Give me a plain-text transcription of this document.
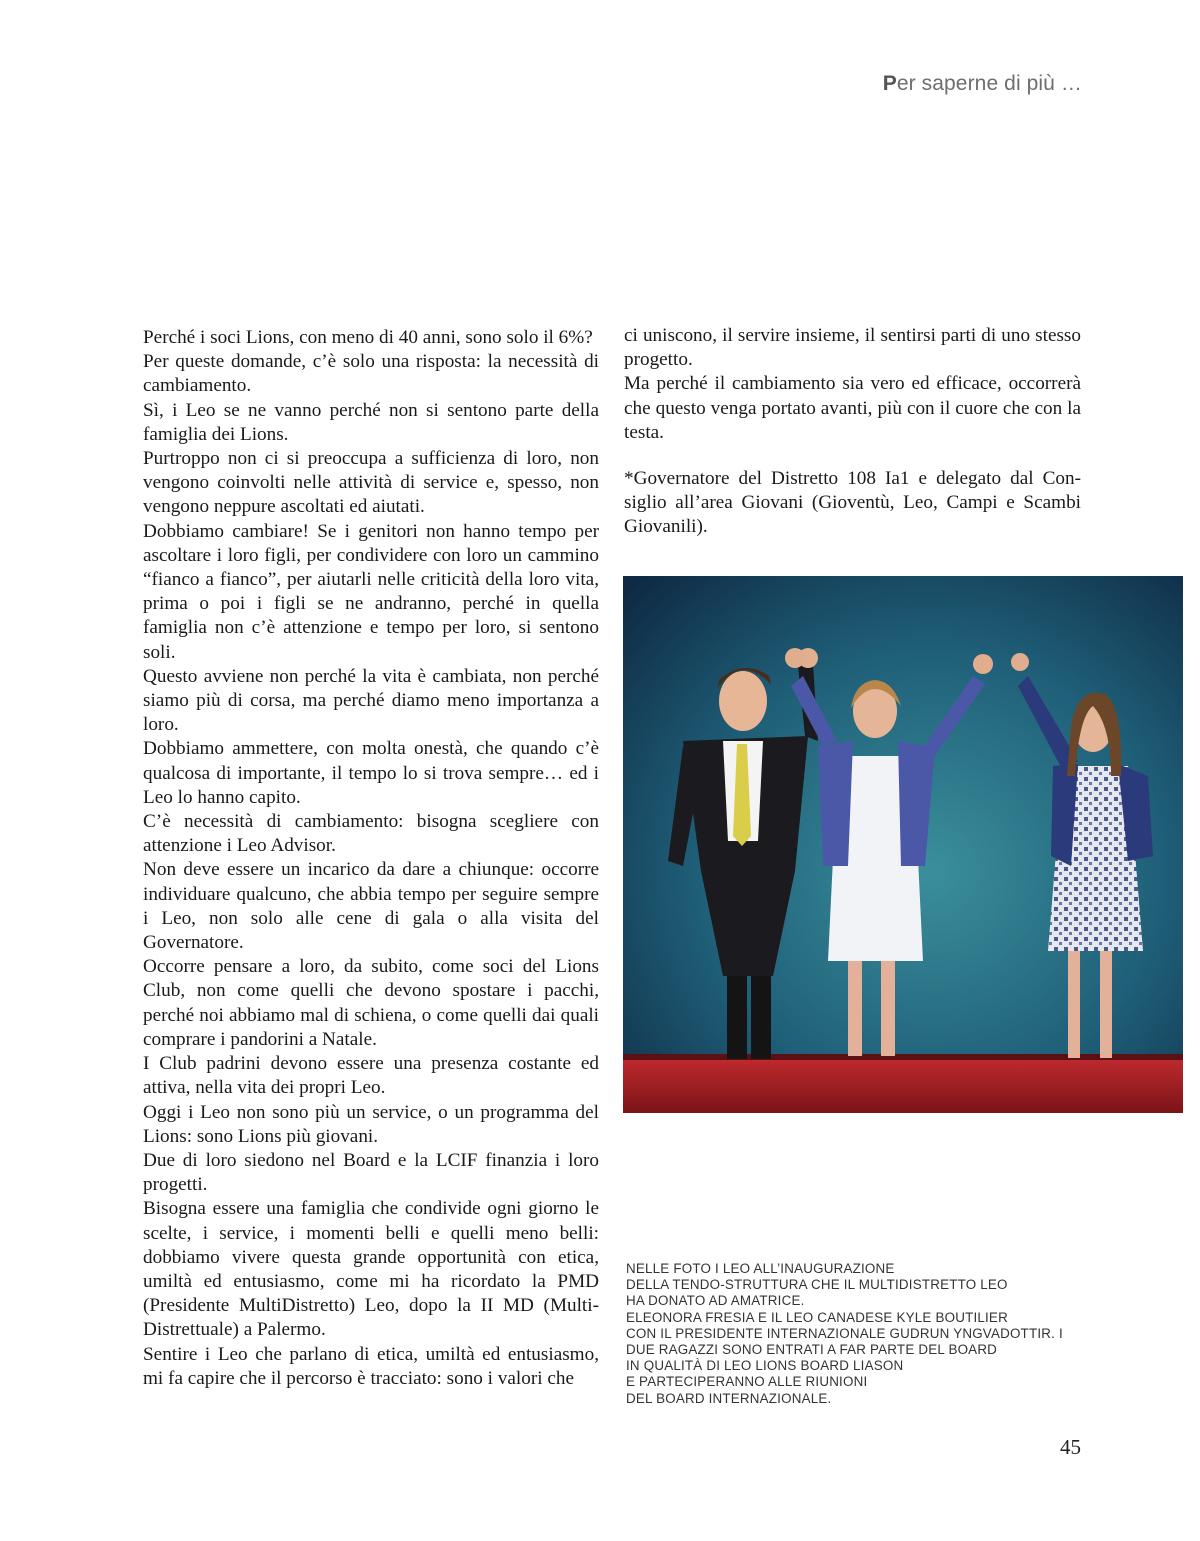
Per saperne di più …

Perché i soci Lions, con meno di 40 anni, sono solo il 6%?

Per queste domande, c’è solo una risposta: la necessità di cambiamento.

Sì, i Leo se ne vanno perché non si sentono parte della famiglia dei Lions.

Purtroppo non ci si preoccupa a sufficienza di loro, non vengono coinvolti nelle attività di service e, spesso, non vengono neppure ascoltati ed aiutati.

Dobbiamo cambiare! Se i genitori non hanno tempo per ascoltare i loro figli, per condividere con loro un cammino “fianco a fianco”, per aiutarli nelle criticità della loro vita, prima o poi i figli se ne andranno, perché in quella famiglia non c’è attenzione e tempo per loro, si sentono soli.

Questo avviene non perché la vita è cambiata, non perché siamo più di corsa, ma perché diamo meno importanza a loro.

Dobbiamo ammettere, con molta onestà, che quando c’è qualcosa di importante, il tempo lo si trova sempre… ed i Leo lo hanno capito.

C’è necessità di cambiamento: bisogna scegliere con attenzione i Leo Advisor.

Non deve essere un incarico da dare a chiunque: occorre individuare qualcuno, che abbia tempo per seguire sempre i Leo, non solo alle cene di gala o alla visita del Governatore.

Occorre pensare a loro, da subito, come soci del Lions Club, non come quelli che devono spostare i pacchi, perché noi abbiamo mal di schiena, o come quelli dai quali comprare i pandorini a Natale.

I Club padrini devono essere una presenza costante ed attiva, nella vita dei propri Leo.

Oggi i Leo non sono più un service, o un programma del Lions: sono Lions più giovani.

Due di loro siedono nel Board e la LCIF finanzia i loro progetti.

Bisogna essere una famiglia che condivide ogni giorno le scelte, i service, i momenti belli e quelli meno belli: dobbiamo vivere questa grande opportunità con etica, umiltà ed entusiasmo, come mi ha ricordato la PMD (Presidente MultiDistretto) Leo, dopo la II MD (MultiDistrettuale) a Palermo.

Sentire i Leo che parlano di etica, umiltà ed entusiasmo, mi fa capire che il percorso è tracciato: sono i valori che

ci uniscono, il servire insieme, il sentirsi parti di uno stesso progetto.

Ma perché il cambiamento sia vero ed efficace, occorrerà che questo venga portato avanti, più con il cuore che con la testa.

*Governatore del Distretto 108 Ia1 e delegato dal Consiglio all’area Giovani (Gioventù, Leo, Campi e Scambi Giovanili).

NELLE FOTO I LEO ALL’INAUGURAZIONE

DELLA TENDO-STRUTTURA CHE IL MULTIDISTRETTO LEO

HA DONATO AD AMATRICE.

ELEONORA FRESIA E IL LEO CANADESE KYLE BOUTILIER

CON IL PRESIDENTE INTERNAZIONALE GUDRUN YNGVADOTTIR. I

DUE RAGAZZI SONO ENTRATI A FAR PARTE DEL BOARD

IN QUALITÀ DI LEO LIONS BOARD LIASON

E PARTECIPERANNO ALLE RIUNIONI

DEL BOARD INTERNAZIONALE.

45
